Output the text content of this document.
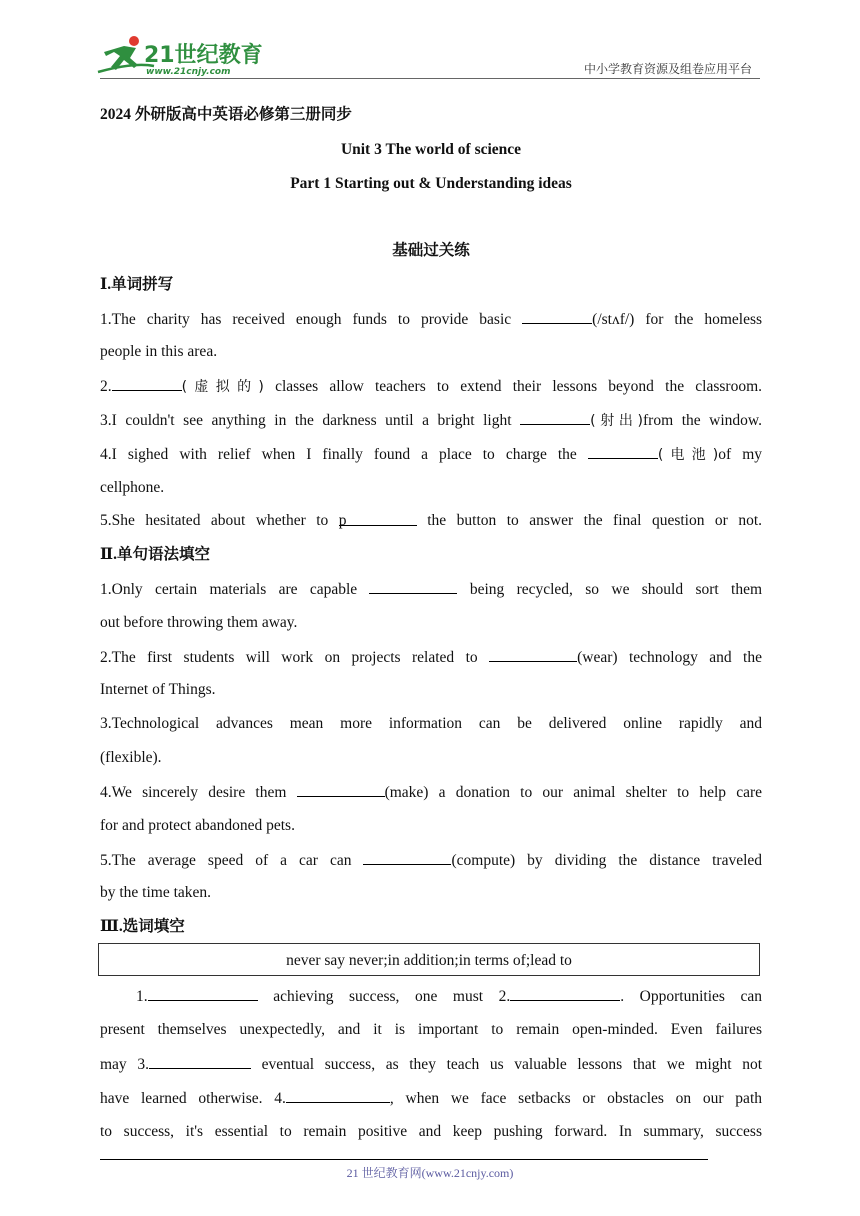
21世纪教育
www.21cnjy.com	中小学教育资源及组卷应用平台
2024 外研版高中英语必修第三册同步
Unit 3 The world of science
Part 1 Starting out & Understanding ideas
基础过关练
Ⅰ.单词拼写
1.The charity has received enough funds to provide basic	(/stʌf/) for the homeless
people in this area.
2.	(虚拟的) classes allow teachers to extend their lessons beyond the classroom.
3.I couldn't see anything in the darkness until a bright light	(射出)from the window.
4.I sighed with relief when I finally found a place to charge the	(电池)of my
cellphone.
5.She hesitated about whether to p	the button to answer the final question or not.
Ⅱ.单句语法填空
1.Only certain materials are capable	being recycled, so we should sort them
out before throwing them away.
2.The first students will work on projects related to	(wear) technology and the
Internet of Things.
3.Technological advances mean more information can be delivered online rapidly and
(flexible).
4.We sincerely desire them	(make) a donation to our animal shelter to help care
for and protect abandoned pets.
5.The average speed of a car can	(compute) by dividing the distance traveled
by the time taken.
Ⅲ.选词填空
never say never;in addition;in terms of;lead to
1.	achieving success, one must 2.	. Opportunities can
present themselves unexpectedly, and it is important to remain open-minded. Even failures
may 3.	eventual success, as they teach us valuable lessons that we might not
have learned otherwise. 4.	, when we face setbacks or obstacles on our path
to success, it's essential to remain positive and keep pushing forward. In summary, success
21 世纪教育网(www.21cnjy.com)
